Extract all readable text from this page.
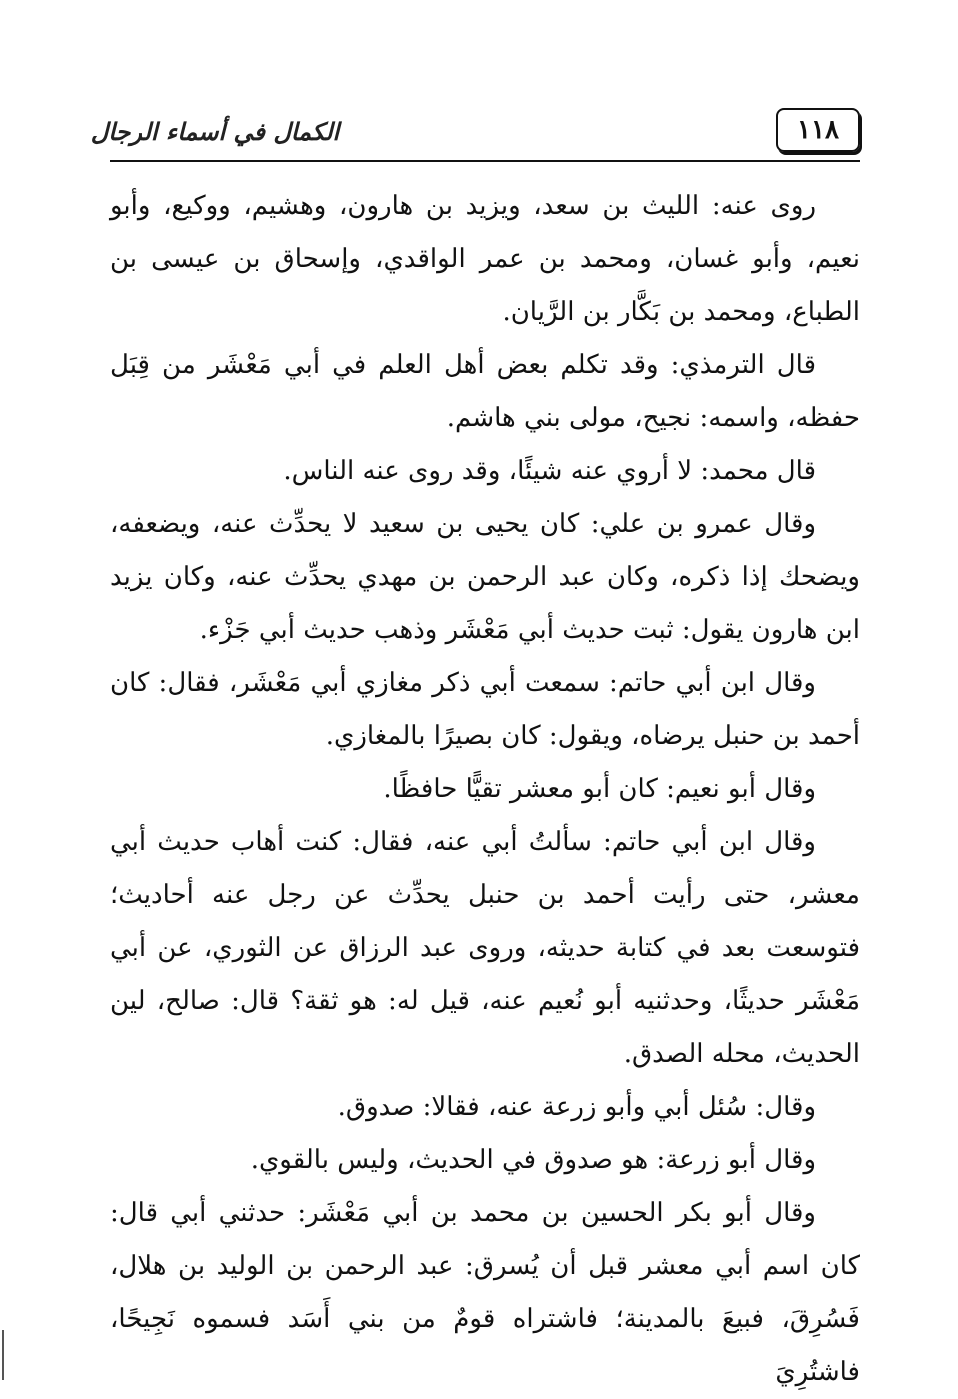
الكمال في أسماء الرجال	١١٨

روى عنه: الليث بن سعد، ويزيد بن هارون، وهشيم، ووكيع، وأبو نعيم، وأبو غسان، ومحمد بن عمر الواقدي، وإسحاق بن عيسى بن الطباع، ومحمد بن بَكَّار بن الرَّيان.

قال الترمذي: وقد تكلم بعض أهل العلم في أبي مَعْشَر من قِبَل حفظه، واسمه: نجيح، مولى بني هاشم.

قال محمد: لا أروي عنه شيئًا، وقد روى عنه الناس.

وقال عمرو بن علي: كان يحيى بن سعيد لا يحدِّث عنه، ويضعفه، ويضحك إذا ذكره، وكان عبد الرحمن بن مهدي يحدِّث عنه، وكان يزيد ابن هارون يقول: ثبت حديث أبي مَعْشَر وذهب حديث أبي جَزْء.

وقال ابن أبي حاتم: سمعت أبي ذكر مغازي أبي مَعْشَر، فقال: كان أحمد بن حنبل يرضاه، ويقول: كان بصيرًا بالمغازي.

وقال أبو نعيم: كان أبو معشر تقيًّا حافظًا.

وقال ابن أبي حاتم: سألتُ أبي عنه، فقال: كنت أهاب حديث أبي معشر، حتى رأيت أحمد بن حنبل يحدِّث عن رجل عنه أحاديث؛ فتوسعت بعد في كتابة حديثه، وروى عبد الرزاق عن الثوري، عن أبي مَعْشَر حديثًا، وحدثنيه أبو نُعيم عنه، قيل له: هو ثقة؟ قال: صالح، لين الحديث، محله الصدق.

وقال: سُئل أبي وأبو زرعة عنه، فقالا: صدوق.

وقال أبو زرعة: هو صدوق في الحديث، وليس بالقوي.

وقال أبو بكر الحسين بن محمد بن أبي مَعْشَر: حدثني أبي قال: كان اسم أبي معشر قبل أن يُسرق: عبد الرحمن بن الوليد بن هلال، فَسُرِقَ، فبيعَ بالمدينة؛ فاشتراه قومٌ من بني أَسَد فسموه نَجِيحًا، فاشتُرِيَ
